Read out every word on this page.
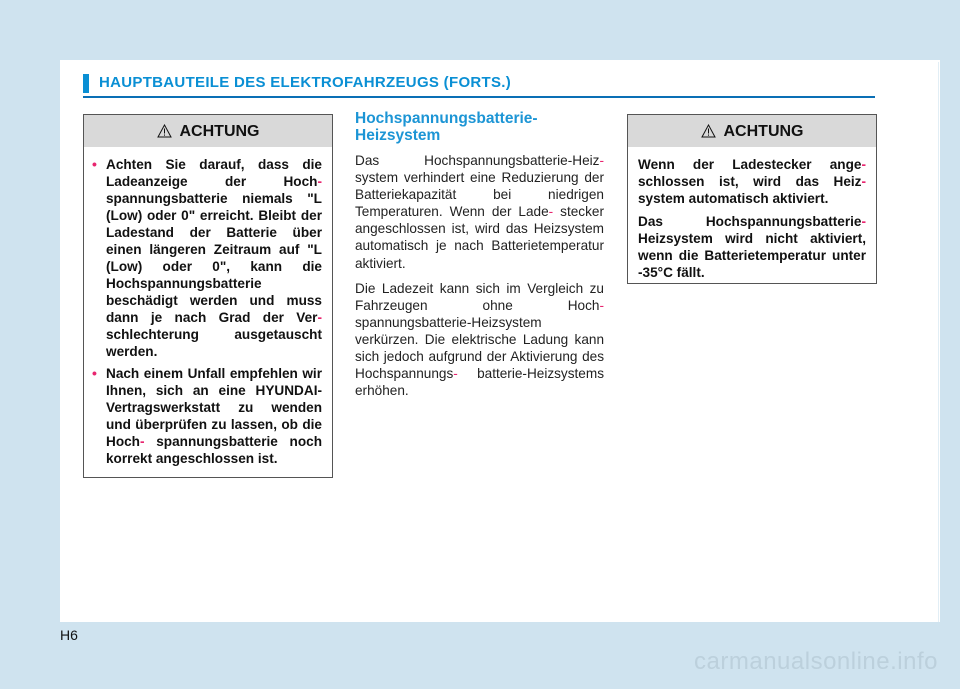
HAUPTBAUTEILE DES ELEKTROFAHRZEUGS (FORTS.)
ACHTUNG
• Achten Sie darauf, dass die Ladeanzeige der Hoch- spannungsbatterie niemals "L (Low) oder 0" erreicht. Bleibt der Ladestand der Batterie über einen längeren Zeitraum auf "L (Low) oder 0", kann die Hochspannungsbatterie beschädigt werden und muss dann je nach Grad der Ver- schlechterung ausgetauscht werden.
• Nach einem Unfall empfehlen wir Ihnen, sich an eine HYUNDAI-Vertragswerkstatt zu wenden und überprüfen zu lassen, ob die Hoch- spannungsbatterie noch korrekt angeschlossen ist.
Hochspannungsbatterie- Heizsystem

Das Hochspannungsbatterie-Heiz- system verhindert eine Reduzierung der Batteriekapazität bei niedrigen Temperaturen. Wenn der Lade- stecker angeschlossen ist, wird das Heizsystem automatisch je nach Batterietemperatur aktiviert.

Die Ladezeit kann sich im Vergleich zu Fahrzeugen ohne Hoch- spannungsbatterie-Heizsystem verkürzen. Die elektrische Ladung kann sich jedoch aufgrund der Aktivierung des Hochspannungs- batterie-Heizsystems erhöhen.

ACHTUNG

Wenn der Ladestecker ange- schlossen ist, wird das Heiz- system automatisch aktiviert.

Das Hochspannungsbatterie- Heizsystem wird nicht aktiviert, wenn die Batterietemperatur unter -35°C fällt.

H6
carmanualsonline.info
